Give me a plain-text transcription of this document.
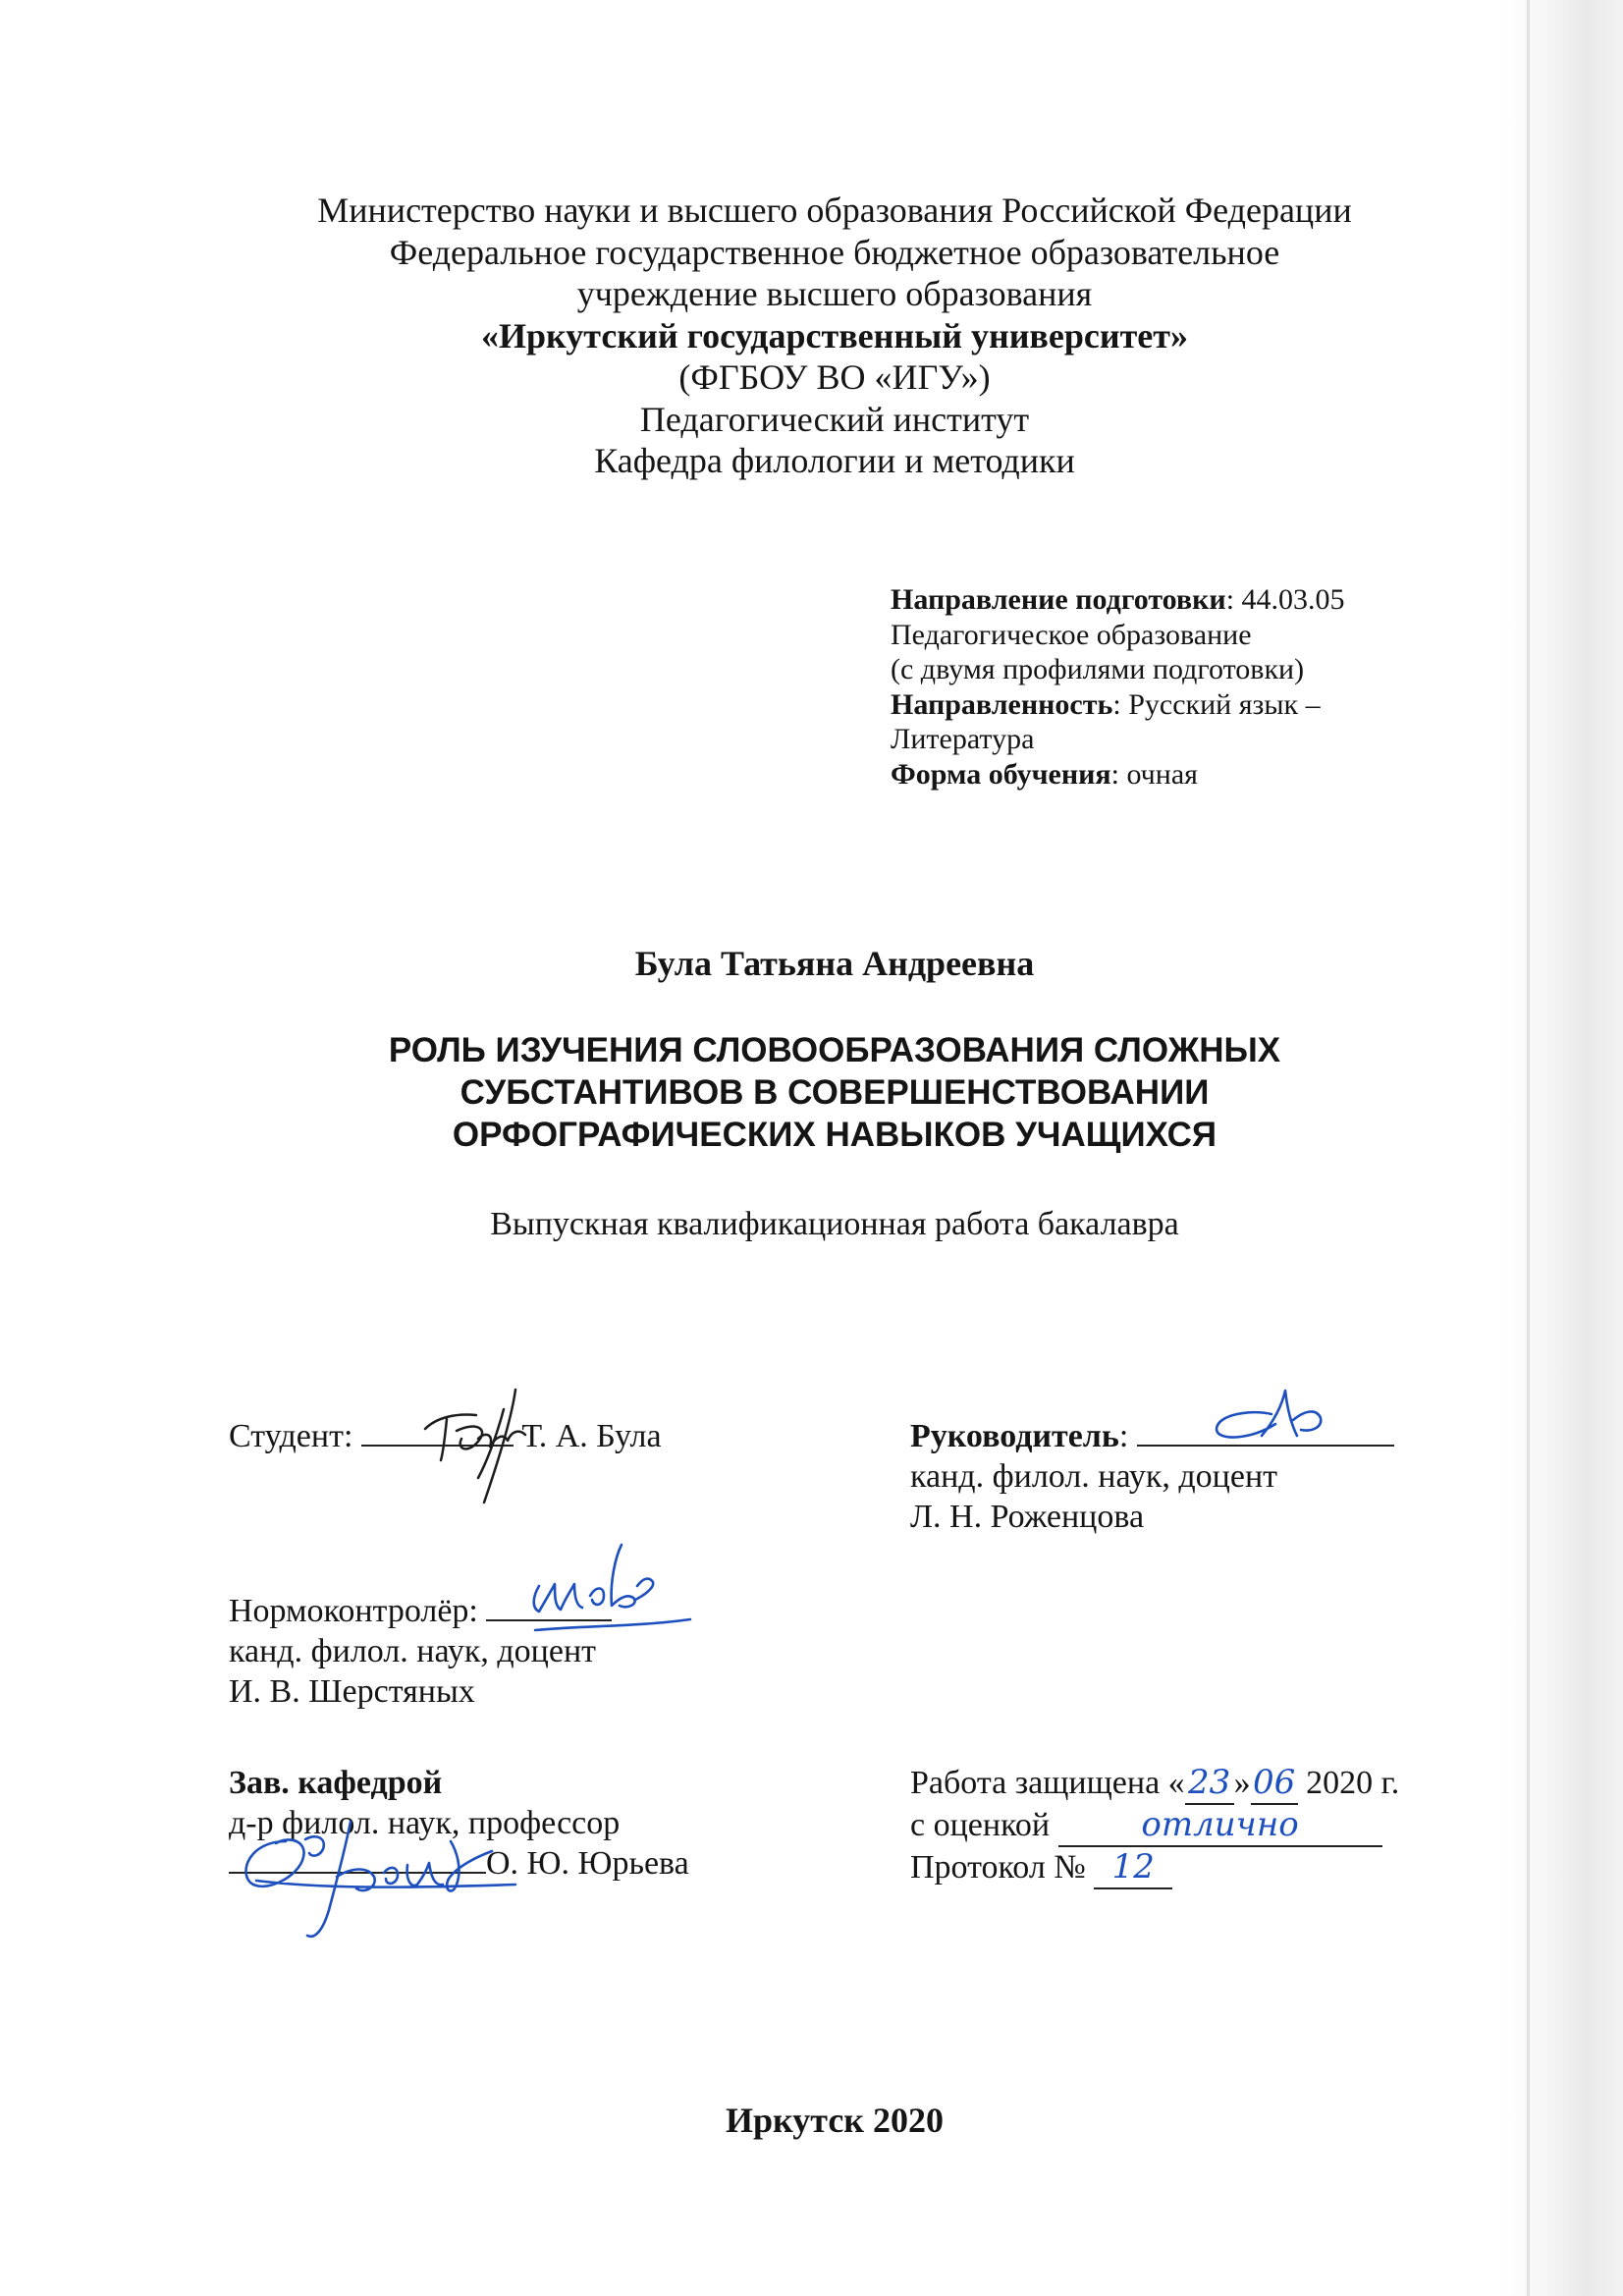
Министерство науки и высшего образования Российской Федерации
Федеральное государственное бюджетное образовательное
учреждение высшего образования
«Иркутский государственный университет»
(ФГБОУ ВО «ИГУ»)
Педагогический институт
Кафедра филологии и методики
Направление подготовки: 44.03.05
Педагогическое образование
(с двумя профилями подготовки)
Направленность: Русский язык –
Литература
Форма обучения: очная
Була Татьяна Андреевна
РОЛЬ ИЗУЧЕНИЯ СЛОВООБРАЗОВАНИЯ СЛОЖНЫХ
СУБСТАНТИВОВ В СОВЕРШЕНСТВОВАНИИ
ОРФОГРАФИЧЕСКИХ НАВЫКОВ УЧАЩИХСЯ
Выпускная квалификационная работа бакалавра
Студент:	Т. А. Була	Руководитель:
канд. филол. наук, доцент
Л. Н. Роженцова
Нормоконтролёр:
канд. филол. наук, доцент
И. В. Шерстяных
Зав. кафедрой
д-р филол. наук, профессор
О. Ю. Юрьева
Работа защищена «23»06 2020 г.
с оценкой отлично
Протокол № 12
Иркутск 2020
